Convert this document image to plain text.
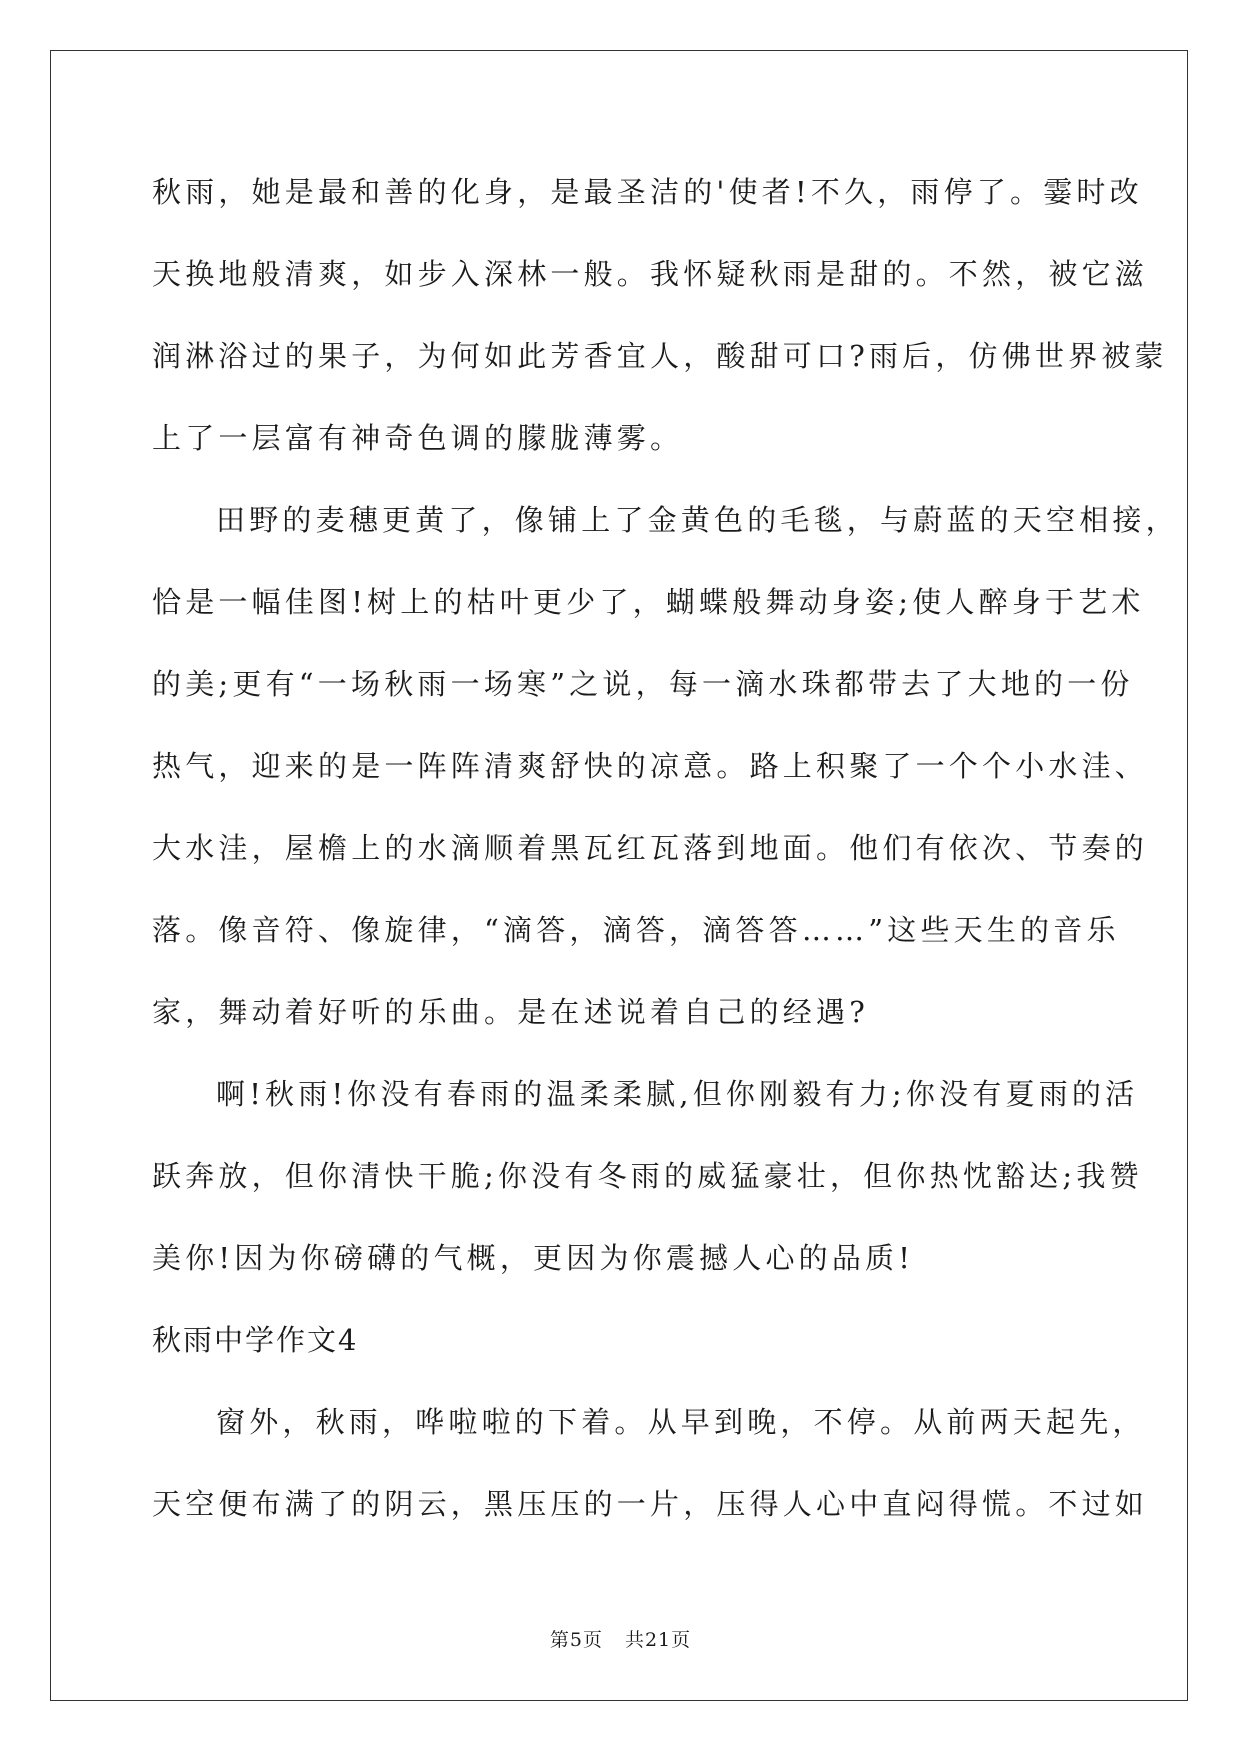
秋雨，她是最和善的化身，是最圣洁的'使者!不久，雨停了。霎时改
天换地般清爽，如步入深林一般。我怀疑秋雨是甜的。不然，被它滋
润淋浴过的果子，为何如此芳香宜人，酸甜可口?雨后，仿佛世界被蒙
上了一层富有神奇色调的朦胧薄雾。
田野的麦穗更黄了，像铺上了金黄色的毛毯，与蔚蓝的天空相接，
恰是一幅佳图!树上的枯叶更少了，蝴蝶般舞动身姿;使人醉身于艺术
的美;更有“一场秋雨一场寒”之说，每一滴水珠都带去了大地的一份
热气，迎来的是一阵阵清爽舒快的凉意。路上积聚了一个个小水洼、
大水洼，屋檐上的水滴顺着黑瓦红瓦落到地面。他们有依次、节奏的
落。像音符、像旋律，“滴答，滴答，滴答答……”这些天生的音乐
家，舞动着好听的乐曲。是在述说着自己的经遇?
啊!秋雨!你没有春雨的温柔柔腻,但你刚毅有力;你没有夏雨的活
跃奔放，但你清快干脆;你没有冬雨的威猛豪壮，但你热忱豁达;我赞
美你!因为你磅礴的气概，更因为你震撼人心的品质!
秋雨中学作文4
窗外，秋雨，哗啦啦的下着。从早到晚，不停。从前两天起先，
天空便布满了的阴云，黑压压的一片，压得人心中直闷得慌。不过如
第5页 共21页
